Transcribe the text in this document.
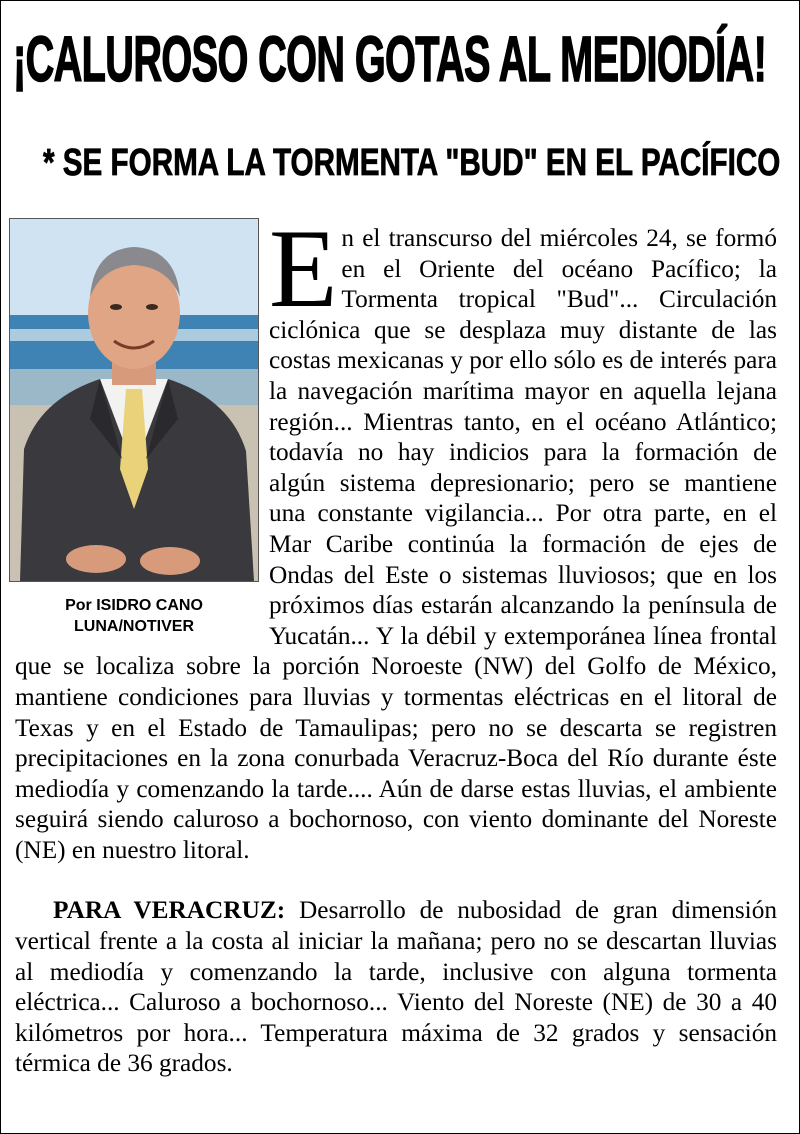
¡CALUROSO CON GOTAS AL MEDIODÍA!
* SE FORMA LA TORMENTA "BUD" EN EL PACÍFICO
Por ISIDRO CANO
LUNA/NOTIVER

En el transcurso del miércoles 24, se formó en el Oriente del océano Pacífico; la Tormenta tropical "Bud"... Circulación ciclónica que se desplaza muy distante de las costas mexicanas y por ello sólo es de interés para la navegación marítima mayor en aquella lejana región... Mientras tanto, en el océano Atlántico; todavía no hay indicios para la formación de algún sistema depresionario; pero se mantiene una constante vigilancia... Por otra parte, en el Mar Caribe continúa la formación de ejes de Ondas del Este o sistemas lluviosos; que en los próximos días estarán alcanzando la península de Yucatán... Y la débil y extemporánea línea frontal que se localiza sobre la porción Noroeste (NW) del Golfo de México, mantiene condiciones para lluvias y tormentas eléctricas en el litoral de Texas y en el Estado de Tamaulipas; pero no se descarta se registren precipitaciones en la zona conurbada Veracruz-Boca del Río durante éste mediodía y comenzando la tarde.... Aún de darse estas lluvias, el ambiente seguirá siendo caluroso a bochornoso, con viento dominante del Noreste (NE) en nuestro litoral.

PARA VERACRUZ: Desarrollo de nubosidad de gran dimensión vertical frente a la costa al iniciar la mañana; pero no se descartan lluvias al mediodía y comenzando la tarde, inclusive con alguna tormenta eléctrica... Caluroso a bochornoso... Viento del Noreste (NE) de 30 a 40 kilómetros por hora... Temperatura máxima de 32 grados y sensación térmica de 36 grados.
